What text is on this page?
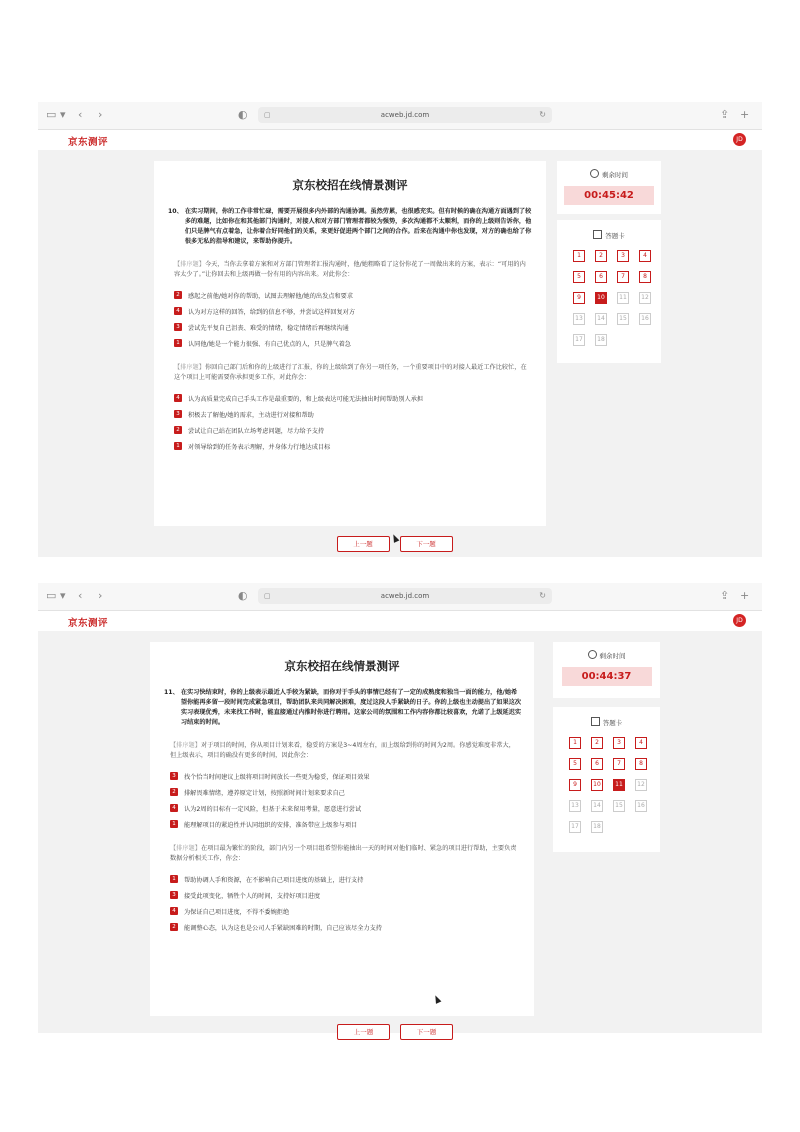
▭ ▾ ‹ ›	◐ ▢	acweb.jd.com	↻	⇪ +
京东测评	JD
京东校招在线情景测评
10、 在实习期间，你的工作非常忙碌，需要开展很多内外部的沟通协调。虽然劳累，也很感充实。但有时候的确在沟通方面遇到了较多的难题，比如你在和其他部门沟通时，对接人和对方部门管理者都较为强势，多次沟通都不太顺利，而你的上级则告诉你，他们只是脾气有点着急，让你着合好同他们的关系，来更好促进两个部门之间的合作。后来在沟通中你也发现，对方的确也给了你很多无私的指导和建议，来帮助你提升。
【排序题】今天，当你去拿着方案和对方部门管理者汇报沟通时，他/她粗略看了这份你花了一周做出来的方案，表示：“可用的内容太少了。”让你回去和上级再做一份有用的内容出来。对此你会：
2	感起之前他/她对你的帮助，试图去理解他/她的出发点和要求
4	认为对方这样的回答，给到的信息不够，并尝试这样回复对方
3	尝试先平复自己沮丧、难受的情绪，稳定情绪后再继续沟通
1	认同他/她是一个能力很强、有自己优点的人，只是脾气着急
【排序题】你回自己部门后和你的上级进行了汇报，你的上级给到了你另一项任务，一个重要项目中的对接人最近工作比较忙，在这个项目上可能需要你承担更多工作，对此你会：
4	认为高质量完成自己手头工作是最重要的，和上级表达可能无法抽出时间帮助别人承担
3	积极去了解他/她的需求，主动进行对接和帮助
2	尝试让自己站在团队立场考虑问题，尽力给予支持
1	对领导给到的任务表示理解，并身体力行地达成目标
上一题	下一题
剩余时间
00:45:42
答题卡
1	2	3	4
5	6	7	8
9	10	11	12
13	14	15	16
17	18
▭ ▾ ‹ ›	◐ ▢	acweb.jd.com	↻	⇪ +
京东测评	JD
京东校招在线情景测评
11、 在实习快结束时，你的上级表示最近人手较为紧缺，而你对于手头的事情已经有了一定的成熟度和独当一面的能力，他/她希望你能再多留一段时间完成紧急项目，帮助团队来共同解决困难，度过这段人手紧缺的日子。你的上级也主动提出了如果这次实习表现优秀，未来找工作时，能直接通过内推时你进行聘用。这家公司的氛围和工作内容你都比较喜欢，允诺了上级延迟实习结束的时间。
【排序题】对于项目的时间，你从项目计划来看，稳妥的方案是3~4周左右，而上级给到你的时间为2周。你感觉难度非常大，但上级表示，项目的确没有更多的时间，因此你会：
3	找个恰当时间建议上级将项目时间放长一些更为稳妥，保证项目效果
2	排解畏难情绪，遵养原定计划，按照新时间计划来要求自己
4	认为2周的目标有一定风险，但基于未来留用考量，愿意进行尝试
1	能理解项目的紧迫性并认同组织的安排，准备带应上级参与项目
【排序题】在项目最为繁忙的阶段，部门内另一个项目组希望你能抽出一天的时间对他们临时、紧急的项目进行帮助，主要负责数据分析相关工作，你会：
1	帮助协调人手和资源，在不影响自己项目进度的基础上，进行支持
3	接受此项变化，牺牲个人的时间，支持好项目进度
4	为保证自己项目进度，不得不委婉拒绝
2	能调整心态，认为这也是公司人手紧缺困难的时期，自己应该尽全力支持
上一题	下一题
剩余时间
00:44:37
答题卡
1	2	3	4
5	6	7	8
9	10	11	12
13	14	15	16
17	18
